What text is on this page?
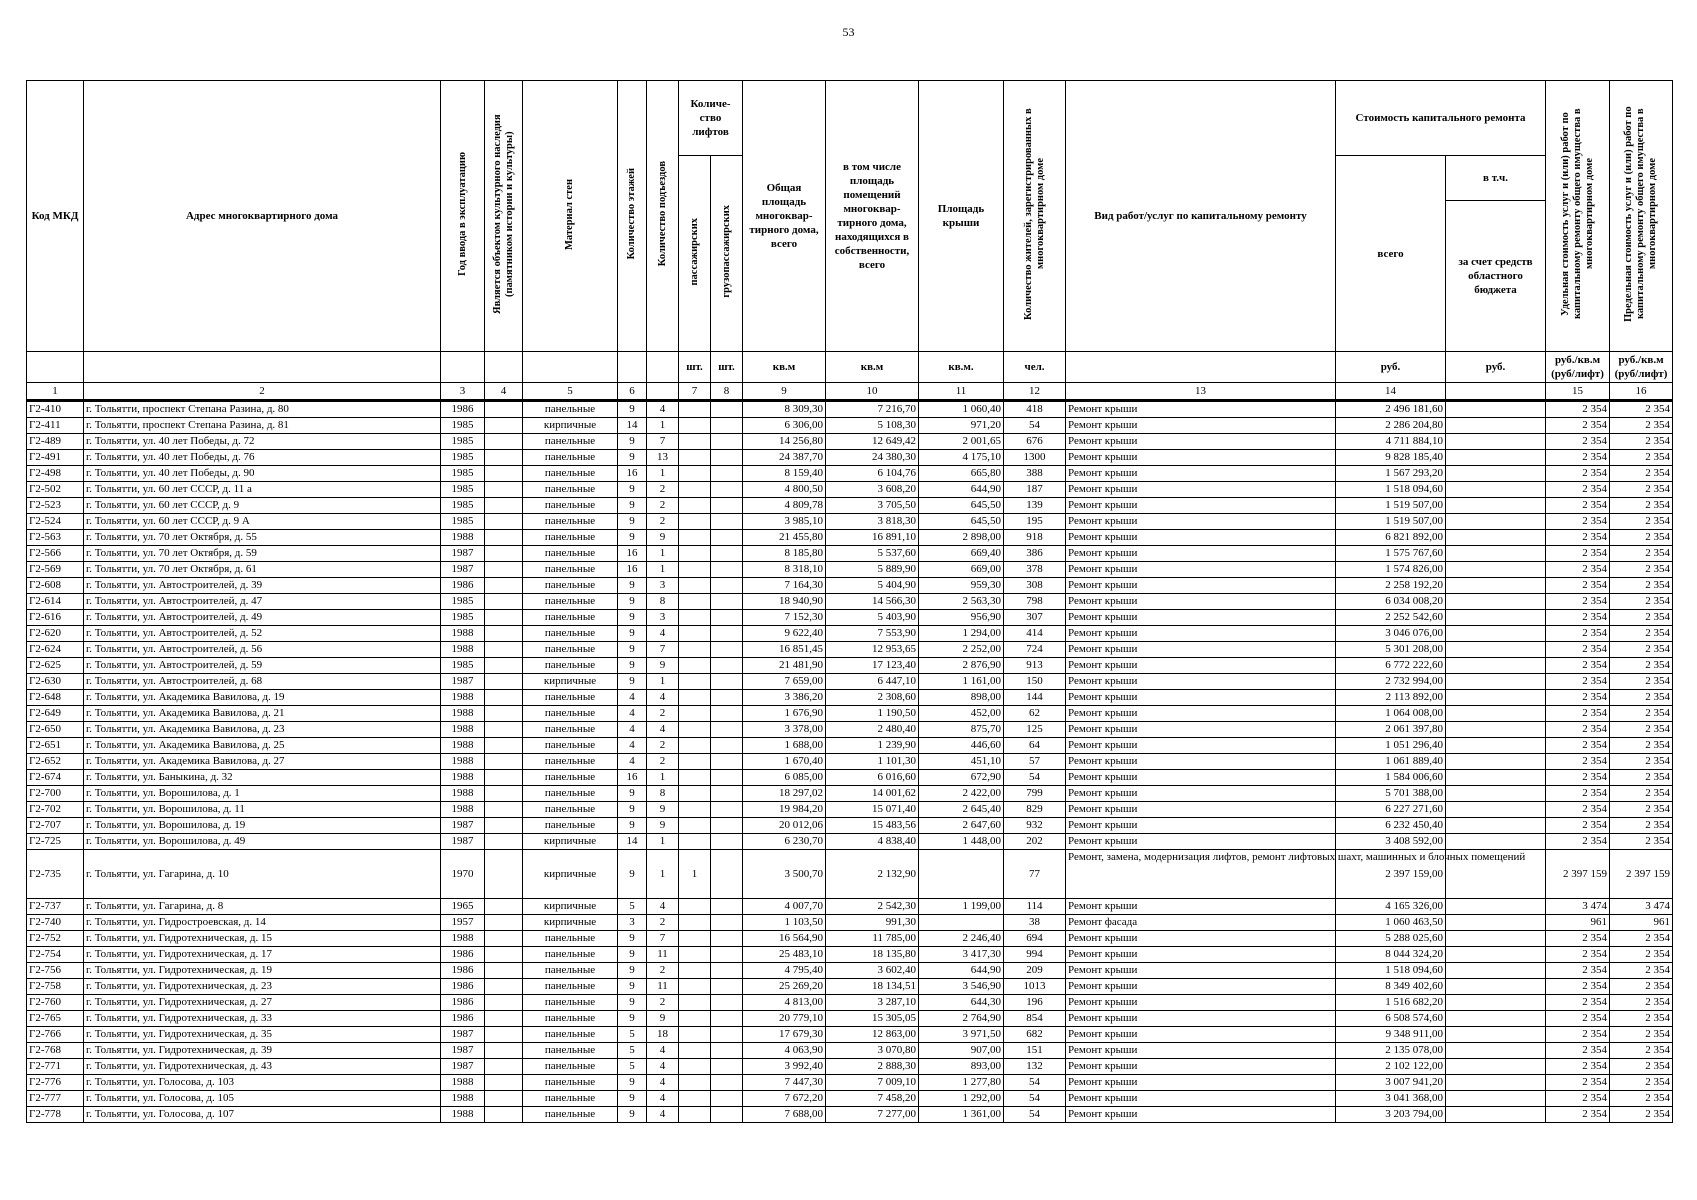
53
Код МКД	Адрес многоквартирного дома	Год ввода в эксплуатацию	Является объектом культурного наследия (памятником истории и культуры)	Материал стен	Количество этажей	Количество подъездов	Количе-ство лифтов		Общая площадь многоквар-тирного дома, всего	в том числе площадь помещений многоквар-тирного дома, находящихся в собственности, всего	Площадь крыши	Количество жителей, зарегистрированных в многоквартирном доме	Вид работ/услуг по капитальному ремонту	Стоимость капитального ремонта		Удельная стоимость услуг и (или) работ по капитальному ремонту общего имущества в многоквартирном доме	Предельная стоимость услуг и (или) работ по капитальному ремонту общего имущества в многоквартирном доме
							пассажирских	грузопассажирских						всего	в т.ч.		
															за счет средств областного бюджета		
							шт.	шт.	кв.м	кв.м	кв.м.	чел.		руб.	руб.	руб./кв.м (руб/лифт)	руб./кв.м (руб/лифт)
1	2	3	4	5	6		7	8	9	10	11	12	13	14		15	16
Г2-410	г. Тольятти, проспект Степана Разина, д. 80	1986		панельные	9	4			8 309,30	7 216,70	1 060,40	418	Ремонт крыши	2 496 181,60		2 354	2 354
Г2-411	г. Тольятти, проспект Степана Разина, д. 81	1985		кирпичные	14	1			6 306,00	5 108,30	971,20	54	Ремонт крыши	2 286 204,80		2 354	2 354
Г2-489	г. Тольятти, ул. 40 лет Победы, д. 72	1985		панельные	9	7			14 256,80	12 649,42	2 001,65	676	Ремонт крыши	4 711 884,10		2 354	2 354
Г2-491	г. Тольятти, ул. 40 лет Победы, д. 76	1985		панельные	9	13			24 387,70	24 380,30	4 175,10	1300	Ремонт крыши	9 828 185,40		2 354	2 354
Г2-498	г. Тольятти, ул. 40 лет Победы, д. 90	1985		панельные	16	1			8 159,40	6 104,76	665,80	388	Ремонт крыши	1 567 293,20		2 354	2 354
Г2-502	г. Тольятти, ул. 60 лет СССР, д. 11 а	1985		панельные	9	2			4 800,50	3 608,20	644,90	187	Ремонт крыши	1 518 094,60		2 354	2 354
Г2-523	г. Тольятти, ул. 60 лет СССР, д. 9	1985		панельные	9	2			4 809,78	3 705,50	645,50	139	Ремонт крыши	1 519 507,00		2 354	2 354
Г2-524	г. Тольятти, ул. 60 лет СССР, д. 9 А	1985		панельные	9	2			3 985,10	3 818,30	645,50	195	Ремонт крыши	1 519 507,00		2 354	2 354
Г2-563	г. Тольятти, ул. 70 лет Октября, д. 55	1988		панельные	9	9			21 455,80	16 891,10	2 898,00	918	Ремонт крыши	6 821 892,00		2 354	2 354
Г2-566	г. Тольятти, ул. 70 лет Октября, д. 59	1987		панельные	16	1			8 185,80	5 537,60	669,40	386	Ремонт крыши	1 575 767,60		2 354	2 354
Г2-569	г. Тольятти, ул. 70 лет Октября, д. 61	1987		панельные	16	1			8 318,10	5 889,90	669,00	378	Ремонт крыши	1 574 826,00		2 354	2 354
Г2-608	г. Тольятти, ул. Автостроителей, д. 39	1986		панельные	9	3			7 164,30	5 404,90	959,30	308	Ремонт крыши	2 258 192,20		2 354	2 354
Г2-614	г. Тольятти, ул. Автостроителей, д. 47	1985		панельные	9	8			18 940,90	14 566,30	2 563,30	798	Ремонт крыши	6 034 008,20		2 354	2 354
Г2-616	г. Тольятти, ул. Автостроителей, д. 49	1985		панельные	9	3			7 152,30	5 403,90	956,90	307	Ремонт крыши	2 252 542,60		2 354	2 354
Г2-620	г. Тольятти, ул. Автостроителей, д. 52	1988		панельные	9	4			9 622,40	7 553,90	1 294,00	414	Ремонт крыши	3 046 076,00		2 354	2 354
Г2-624	г. Тольятти, ул. Автостроителей, д. 56	1988		панельные	9	7			16 851,45	12 953,65	2 252,00	724	Ремонт крыши	5 301 208,00		2 354	2 354
Г2-625	г. Тольятти, ул. Автостроителей, д. 59	1985		панельные	9	9			21 481,90	17 123,40	2 876,90	913	Ремонт крыши	6 772 222,60		2 354	2 354
Г2-630	г. Тольятти, ул. Автостроителей, д. 68	1987		кирпичные	9	1			7 659,00	6 447,10	1 161,00	150	Ремонт крыши	2 732 994,00		2 354	2 354
Г2-648	г. Тольятти, ул. Академика Вавилова, д. 19	1988		панельные	4	4			3 386,20	2 308,60	898,00	144	Ремонт крыши	2 113 892,00		2 354	2 354
Г2-649	г. Тольятти, ул. Академика Вавилова, д. 21	1988		панельные	4	2			1 676,90	1 190,50	452,00	62	Ремонт крыши	1 064 008,00		2 354	2 354
Г2-650	г. Тольятти, ул. Академика Вавилова, д. 23	1988		панельные	4	4			3 378,00	2 480,40	875,70	125	Ремонт крыши	2 061 397,80		2 354	2 354
Г2-651	г. Тольятти, ул. Академика Вавилова, д. 25	1988		панельные	4	2			1 688,00	1 239,90	446,60	64	Ремонт крыши	1 051 296,40		2 354	2 354
Г2-652	г. Тольятти, ул. Академика Вавилова, д. 27	1988		панельные	4	2			1 670,40	1 101,30	451,10	57	Ремонт крыши	1 061 889,40		2 354	2 354
Г2-674	г. Тольятти, ул. Баныкина, д. 32	1988		панельные	16	1			6 085,00	6 016,60	672,90	54	Ремонт крыши	1 584 006,60		2 354	2 354
Г2-700	г. Тольятти, ул. Ворошилова, д. 1	1988		панельные	9	8			18 297,02	14 001,62	2 422,00	799	Ремонт крыши	5 701 388,00		2 354	2 354
Г2-702	г. Тольятти, ул. Ворошилова, д. 11	1988		панельные	9	9			19 984,20	15 071,40	2 645,40	829	Ремонт крыши	6 227 271,60		2 354	2 354
Г2-707	г. Тольятти, ул. Ворошилова, д. 19	1987		панельные	9	9			20 012,06	15 483,56	2 647,60	932	Ремонт крыши	6 232 450,40		2 354	2 354
Г2-725	г. Тольятти, ул. Ворошилова, д. 49	1987		кирпичные	14	1			6 230,70	4 838,40	1 448,00	202	Ремонт крыши	3 408 592,00		2 354	2 354
Г2-735	г. Тольятти, ул. Гагарина, д. 10	1970		кирпичные	9	1	1		3 500,70	2 132,90		77	Ремонт, замена, модернизация лифтов, ремонт лифтовых шахт, машинных и блочных помещений	2 397 159,00		2 397 159	2 397 159
Г2-737	г. Тольятти, ул. Гагарина, д. 8	1965		кирпичные	5	4			4 007,70	2 542,30	1 199,00	114	Ремонт крыши	4 165 326,00		3 474	3 474
Г2-740	г. Тольятти, ул. Гидростроевская, д. 14	1957		кирпичные	3	2			1 103,50	991,30		38	Ремонт фасада	1 060 463,50		961	961
Г2-752	г. Тольятти, ул. Гидротехническая, д. 15	1988		панельные	9	7			16 564,90	11 785,00	2 246,40	694	Ремонт крыши	5 288 025,60		2 354	2 354
Г2-754	г. Тольятти, ул. Гидротехническая, д. 17	1986		панельные	9	11			25 483,10	18 135,80	3 417,30	994	Ремонт крыши	8 044 324,20		2 354	2 354
Г2-756	г. Тольятти, ул. Гидротехническая, д. 19	1986		панельные	9	2			4 795,40	3 602,40	644,90	209	Ремонт крыши	1 518 094,60		2 354	2 354
Г2-758	г. Тольятти, ул. Гидротехническая, д. 23	1986		панельные	9	11			25 269,20	18 134,51	3 546,90	1013	Ремонт крыши	8 349 402,60		2 354	2 354
Г2-760	г. Тольятти, ул. Гидротехническая, д. 27	1986		панельные	9	2			4 813,00	3 287,10	644,30	196	Ремонт крыши	1 516 682,20		2 354	2 354
Г2-765	г. Тольятти, ул. Гидротехническая, д. 33	1986		панельные	9	9			20 779,10	15 305,05	2 764,90	854	Ремонт крыши	6 508 574,60		2 354	2 354
Г2-766	г. Тольятти, ул. Гидротехническая, д. 35	1987		панельные	5	18			17 679,30	12 863,00	3 971,50	682	Ремонт крыши	9 348 911,00		2 354	2 354
Г2-768	г. Тольятти, ул. Гидротехническая, д. 39	1987		панельные	5	4			4 063,90	3 070,80	907,00	151	Ремонт крыши	2 135 078,00		2 354	2 354
Г2-771	г. Тольятти, ул. Гидротехническая, д. 43	1987		панельные	5	4			3 992,40	2 888,30	893,00	132	Ремонт крыши	2 102 122,00		2 354	2 354
Г2-776	г. Тольятти, ул. Голосова, д. 103	1988		панельные	9	4			7 447,30	7 009,10	1 277,80	54	Ремонт крыши	3 007 941,20		2 354	2 354
Г2-777	г. Тольятти, ул. Голосова, д. 105	1988		панельные	9	4			7 672,20	7 458,20	1 292,00	54	Ремонт крыши	3 041 368,00		2 354	2 354
Г2-778	г. Тольятти, ул. Голосова, д. 107	1988		панельные	9	4			7 688,00	7 277,00	1 361,00	54	Ремонт крыши	3 203 794,00		2 354	2 354
